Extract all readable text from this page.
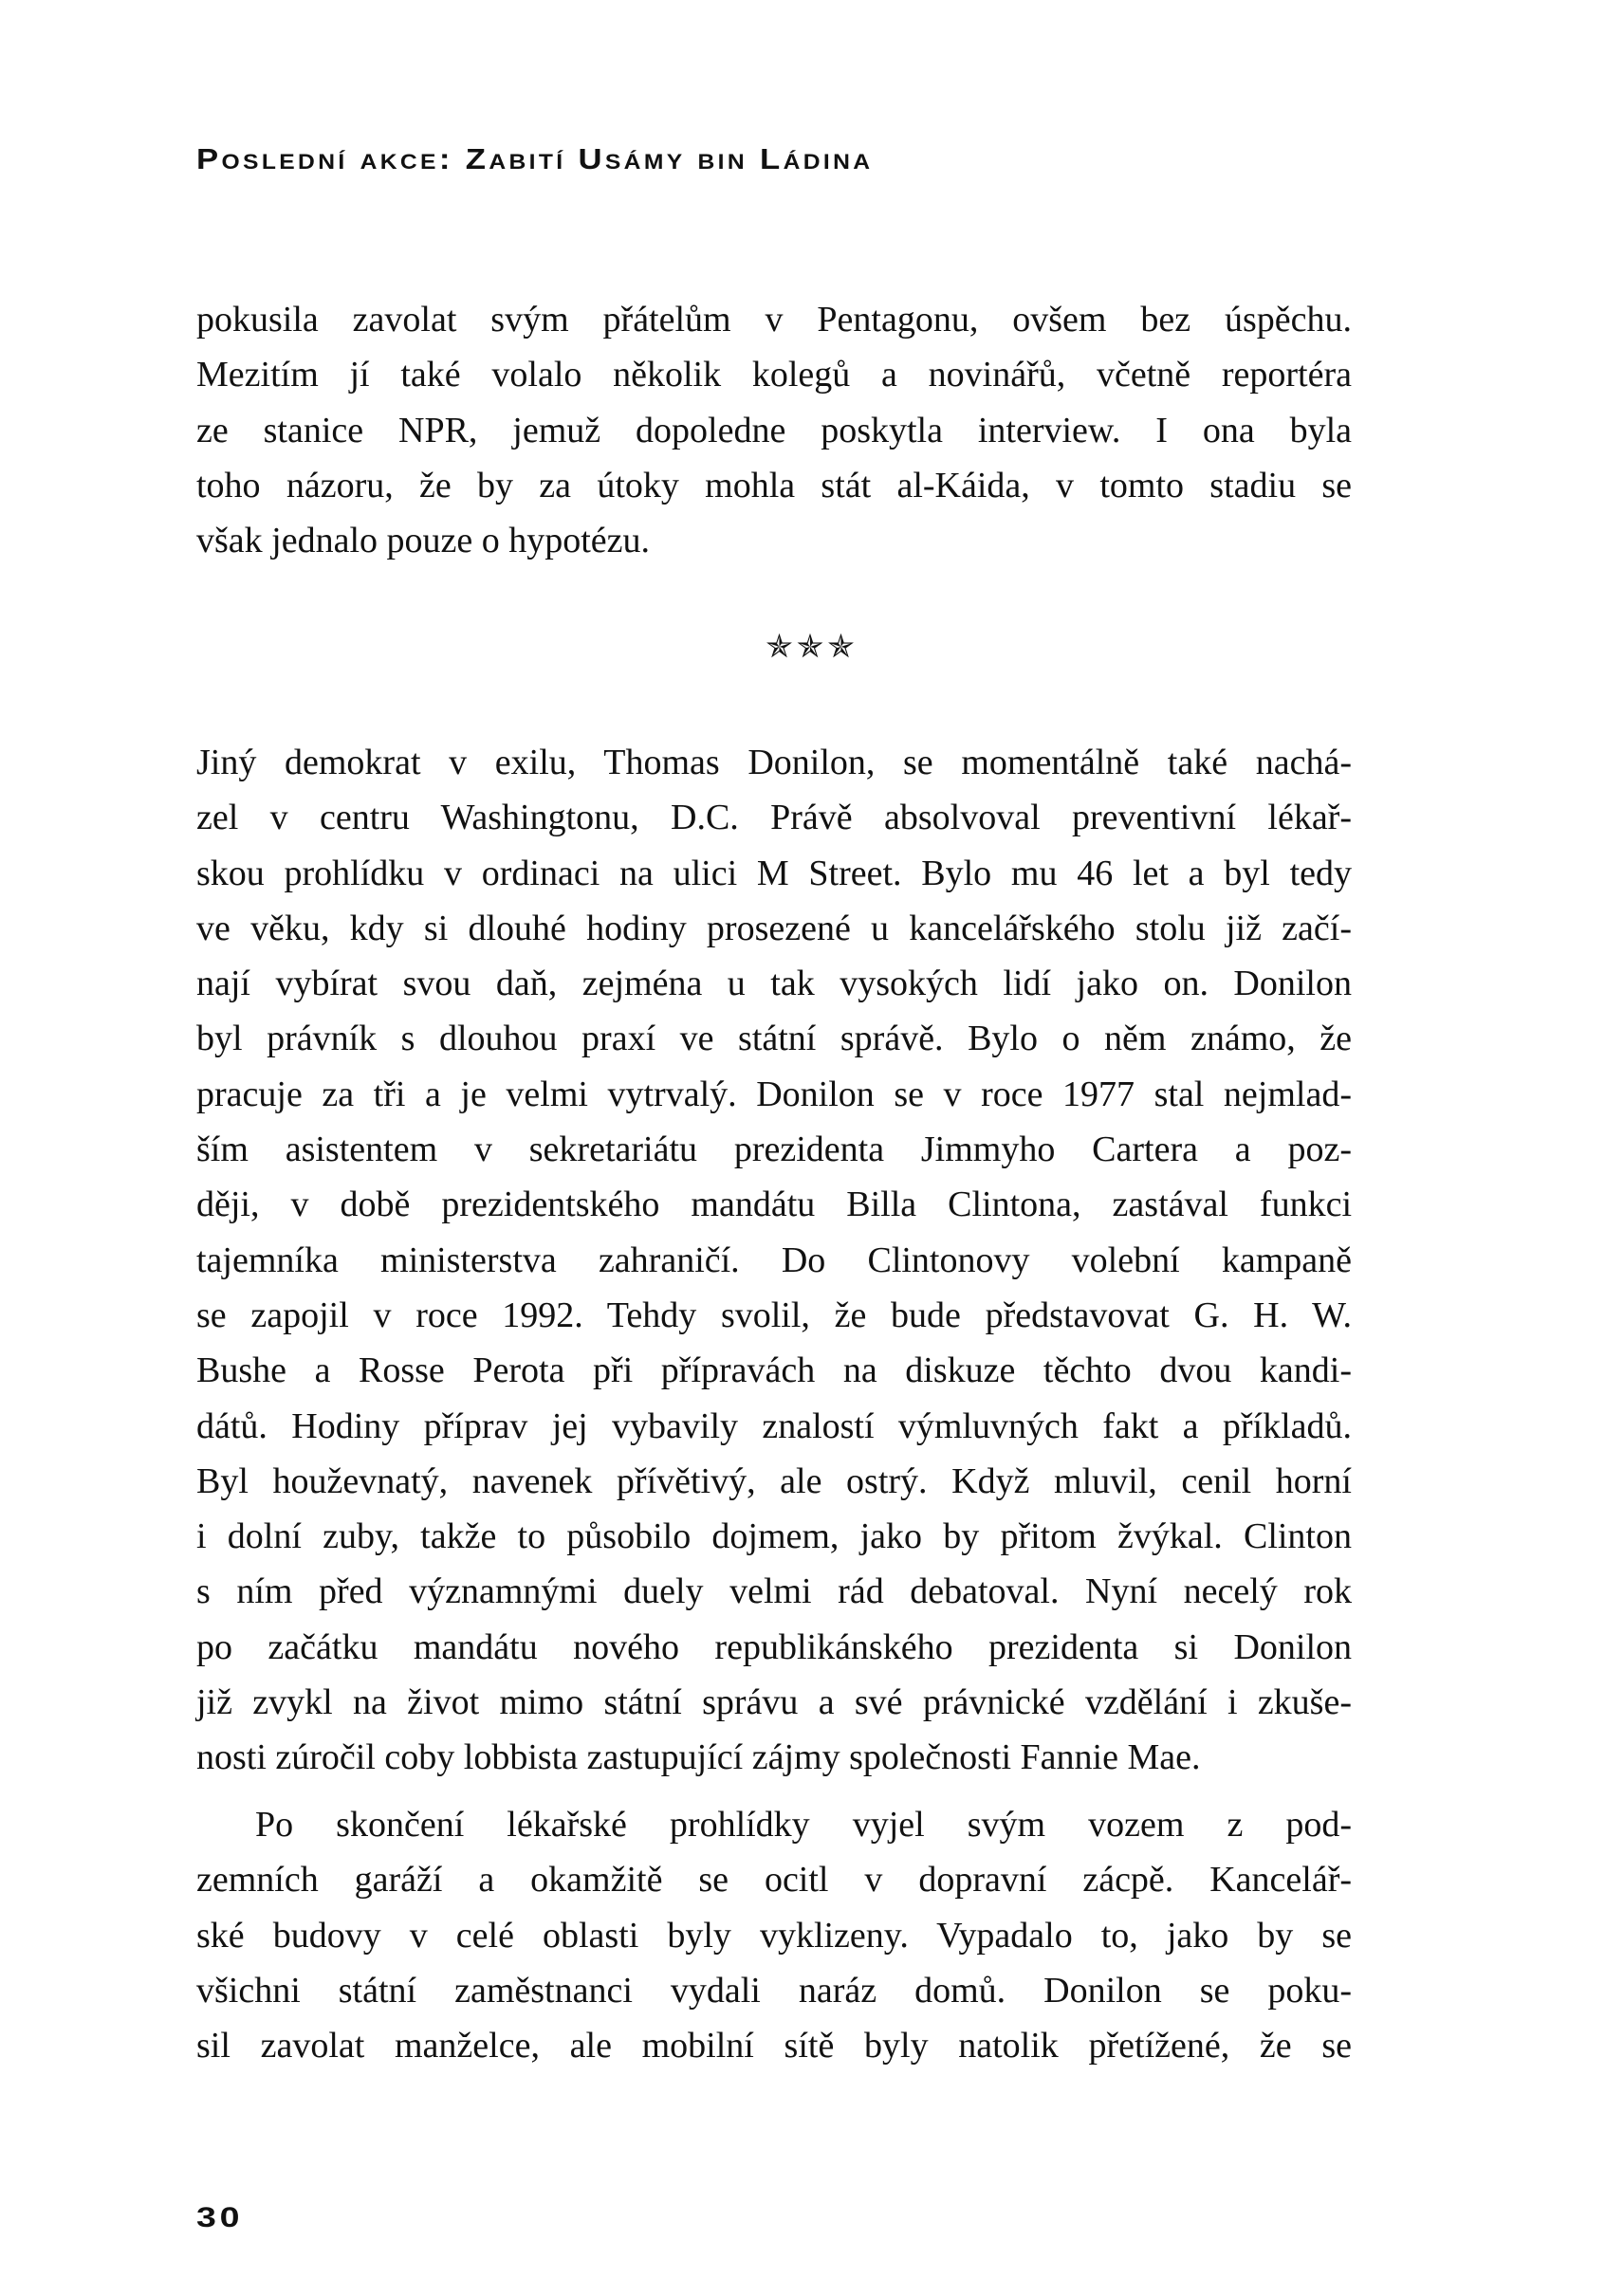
Poslední akce: Zabití Usámy bin Ládina
pokusila zavolat svým přátelům v Pentagonu, ovšem bez úspěchu.
Mezitím jí také volalo několik kolegů a novinářů, včetně reportéra
ze stanice NPR, jemuž dopoledne poskytla interview. I ona byla
toho názoru, že by za útoky mohla stát al-Káida, v tomto stadiu se
však jednalo pouze o hypotézu.
✯✯✯
Jiný demokrat v exilu, Thomas Donilon, se momentálně také nachá-
zel v centru Washingtonu, D.C. Právě absolvoval preventivní lékař-
skou prohlídku v ordinaci na ulici M Street. Bylo mu 46 let a byl tedy
ve věku, kdy si dlouhé hodiny prosezené u kancelářského stolu již začí-
nají vybírat svou daň, zejména u tak vysokých lidí jako on. Donilon
byl právník s dlouhou praxí ve státní správě. Bylo o něm známo, že
pracuje za tři a je velmi vytrvalý. Donilon se v roce 1977 stal nejmlad-
ším asistentem v sekretariátu prezidenta Jimmyho Cartera a poz-
ději, v době prezidentského mandátu Billa Clintona, zastával funkci
tajemníka ministerstva zahraničí. Do Clintonovy volební kampaně
se zapojil v roce 1992. Tehdy svolil, že bude představovat G. H. W.
Bushe a Rosse Perota při přípravách na diskuze těchto dvou kandi-
dátů. Hodiny příprav jej vybavily znalostí výmluvných fakt a příkladů.
Byl houževnatý, navenek přívětivý, ale ostrý. Když mluvil, cenil horní
i dolní zuby, takže to působilo dojmem, jako by přitom žvýkal. Clinton
s ním před významnými duely velmi rád debatoval. Nyní necelý rok
po začátku mandátu nového republikánského prezidenta si Donilon
již zvykl na život mimo státní správu a své právnické vzdělání i zkuše-
nosti zúročil coby lobbista zastupující zájmy společnosti Fannie Mae.
Po skončení lékařské prohlídky vyjel svým vozem z pod-
zemních garáží a okamžitě se ocitl v dopravní zácpě. Kancelář-
ské budovy v celé oblasti byly vyklizeny. Vypadalo to, jako by se
všichni státní zaměstnanci vydali naráz domů. Donilon se poku-
sil zavolat manželce, ale mobilní sítě byly natolik přetížené, že se
30
